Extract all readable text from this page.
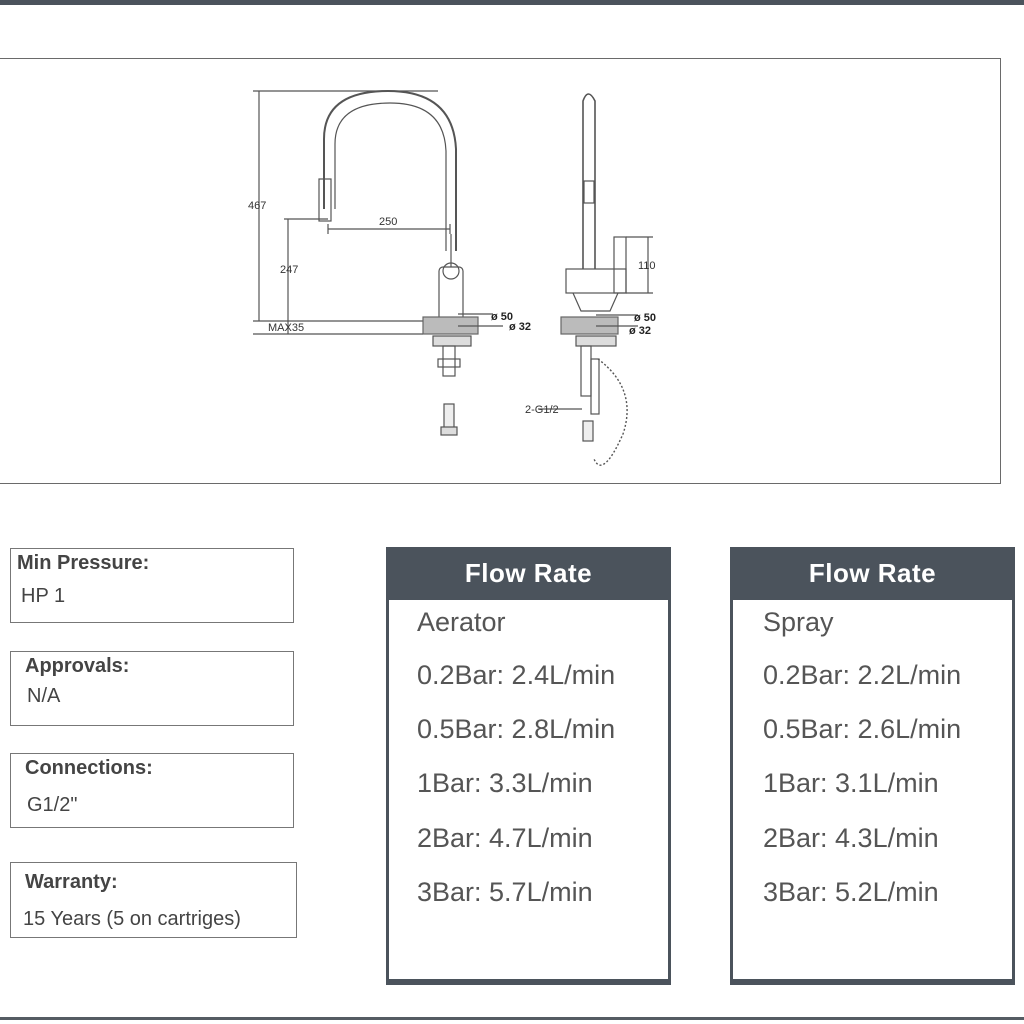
467
250
247
MAX35
ø 50
ø 32
110
ø 50
ø 32
2-G1/2
Min Pressure:
HP 1
Approvals:
N/A
Connections:
G1/2"
Warranty:
15 Years (5 on cartriges)
Flow Rate
Aerator
0.2Bar: 2.4L/min
0.5Bar: 2.8L/min
1Bar: 3.3L/min
2Bar: 4.7L/min
3Bar: 5.7L/min
Flow Rate
Spray
0.2Bar: 2.2L/min
0.5Bar: 2.6L/min
1Bar: 3.1L/min
2Bar: 4.3L/min
3Bar: 5.2L/min
